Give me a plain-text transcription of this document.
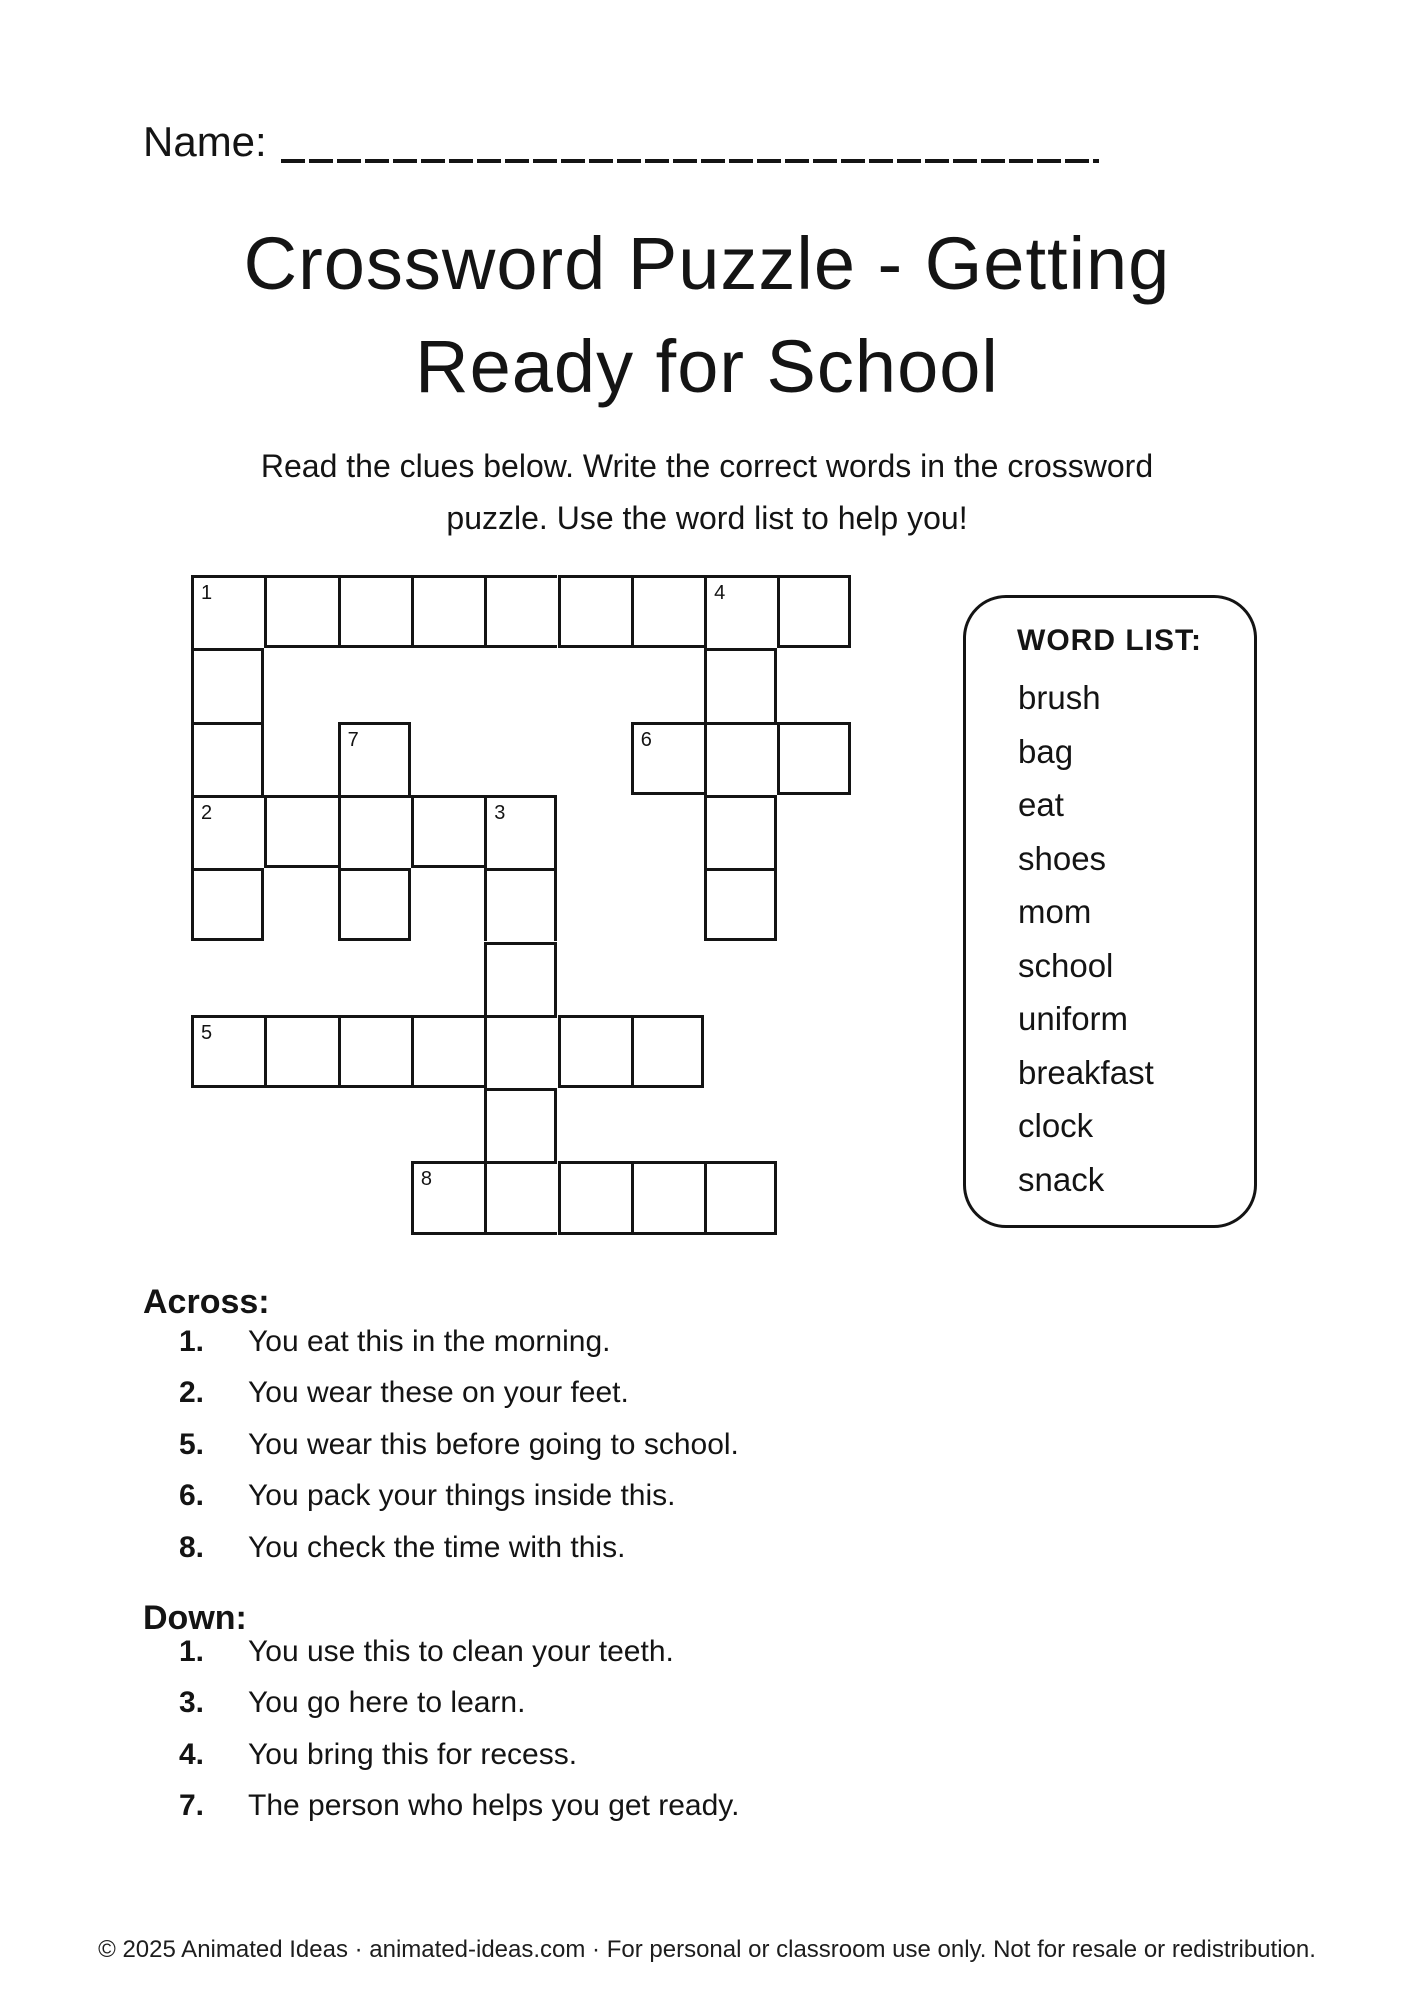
Name:
Crossword Puzzle - Getting
Ready for School

Read the clues below. Write the correct words in the crossword
puzzle. Use the word list to help you!

1	4
7	6
2	3
5
8
WORD LIST:
brush
bag
eat
shoes
mom
school
uniform
breakfast
clock
snack
Across:
1.	You eat this in the morning.
2.	You wear these on your feet.
5.	You wear this before going to school.
6.	You pack your things inside this.
8.	You check the time with this.
Down:
1.	You use this to clean your teeth.
3.	You go here to learn.
4.	You bring this for recess.
7.	The person who helps you get ready.
© 2025 Animated Ideas · animated-ideas.com · For personal or classroom use only. Not for resale or redistribution.
